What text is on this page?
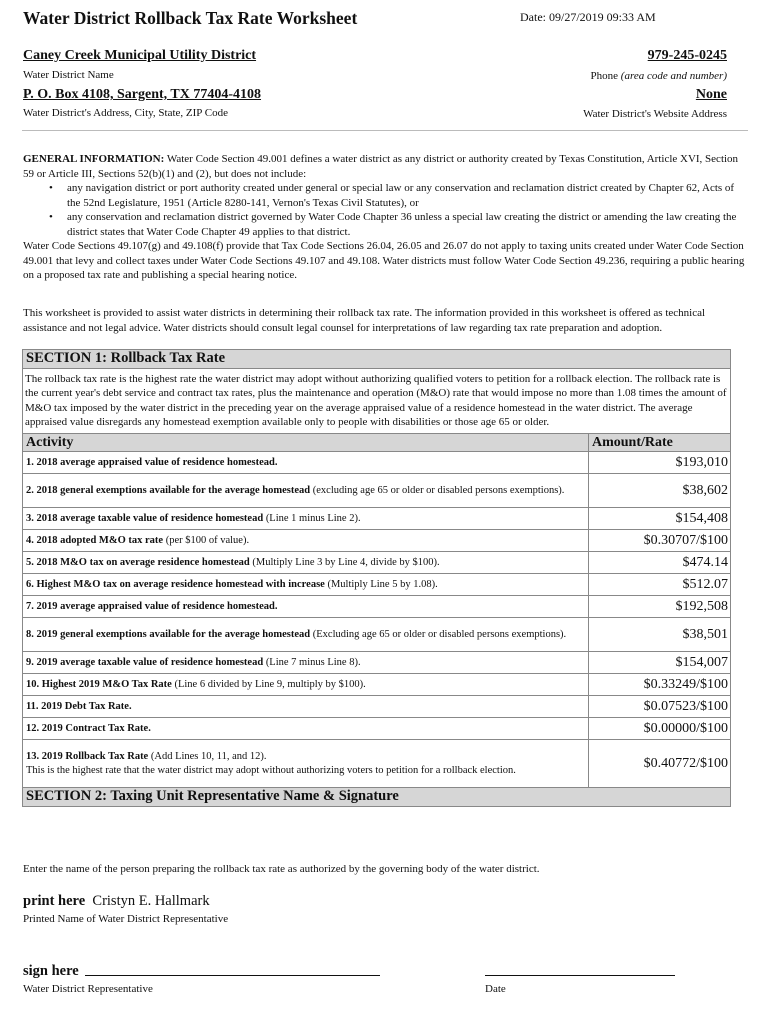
Water District Rollback Tax Rate Worksheet	Date: 09/27/2019 09:33 AM
Caney Creek Municipal Utility District
Water District Name
979-245-0245
Phone (area code and number)
P. O. Box 4108, Sargent, TX 77404-4108
Water District's Address, City, State, ZIP Code
None
Water District's Website Address
GENERAL INFORMATION: Water Code Section 49.001 defines a water district as any district or authority created by Texas Constitution, Article XVI, Section 59 or Article III, Sections 52(b)(1) and (2), but does not include:
• any navigation district or port authority created under general or special law or any conservation and reclamation district created by Chapter 62, Acts of the 52nd Legislature, 1951 (Article 8280-141, Vernon's Texas Civil Statutes), or
• any conservation and reclamation district governed by Water Code Chapter 36 unless a special law creating the district or amending the law creating the district states that Water Code Chapter 49 applies to that district.
Water Code Sections 49.107(g) and 49.108(f) provide that Tax Code Sections 26.04, 26.05 and 26.07 do not apply to taxing units created under Water Code Section 49.001 that levy and collect taxes under Water Code Sections 49.107 and 49.108. Water districts must follow Water Code Section 49.236, requiring a public hearing on a proposed tax rate and publishing a special hearing notice.
This worksheet is provided to assist water districts in determining their rollback tax rate. The information provided in this worksheet is offered as technical assistance and not legal advice. Water districts should consult legal counsel for interpretations of law regarding tax rate preparation and adoption.
SECTION 1: Rollback Tax Rate	
The rollback tax rate is the highest rate the water district may adopt without authorizing qualified voters to petition for a rollback election. The rollback rate is the current year's debt service and contract tax rates, plus the maintenance and operation (M&O) rate that would impose no more than 1.08 times the amount of M&O tax imposed by the water district in the preceding year on the average appraised value of a residence homestead in the water district. The average appraised value disregards any homestead exemption available only to people with disabilities or those age 65 or older.	
Activity	Amount/Rate
1. 2018 average appraised value of residence homestead.	$193,010
2. 2018 general exemptions available for the average homestead (excluding age 65 or older or disabled persons exemptions).	$38,602
3. 2018 average taxable value of residence homestead (Line 1 minus Line 2).	$154,408
4. 2018 adopted M&O tax rate (per $100 of value).	$0.30707/$100
5. 2018 M&O tax on average residence homestead (Multiply Line 3 by Line 4, divide by $100).	$474.14
6. Highest M&O tax on average residence homestead with increase (Multiply Line 5 by 1.08).	$512.07
7. 2019 average appraised value of residence homestead.	$192,508
8. 2019 general exemptions available for the average homestead (Excluding age 65 or older or disabled persons exemptions).	$38,501
9. 2019 average taxable value of residence homestead (Line 7 minus Line 8).	$154,007
10. Highest 2019 M&O Tax Rate (Line 6 divided by Line 9, multiply by $100).	$0.33249/$100
11. 2019 Debt Tax Rate.	$0.07523/$100
12. 2019 Contract Tax Rate.	$0.00000/$100
13. 2019 Rollback Tax Rate (Add Lines 10, 11, and 12).
This is the highest rate that the water district may adopt without authorizing voters to petition for a rollback election.	$0.40772/$100
SECTION 2: Taxing Unit Representative Name & Signature	
Enter the name of the person preparing the rollback tax rate as authorized by the governing body of the water district.
print here Cristyn E. Hallmark
Printed Name of Water District Representative
sign here
Water District Representative	Date
